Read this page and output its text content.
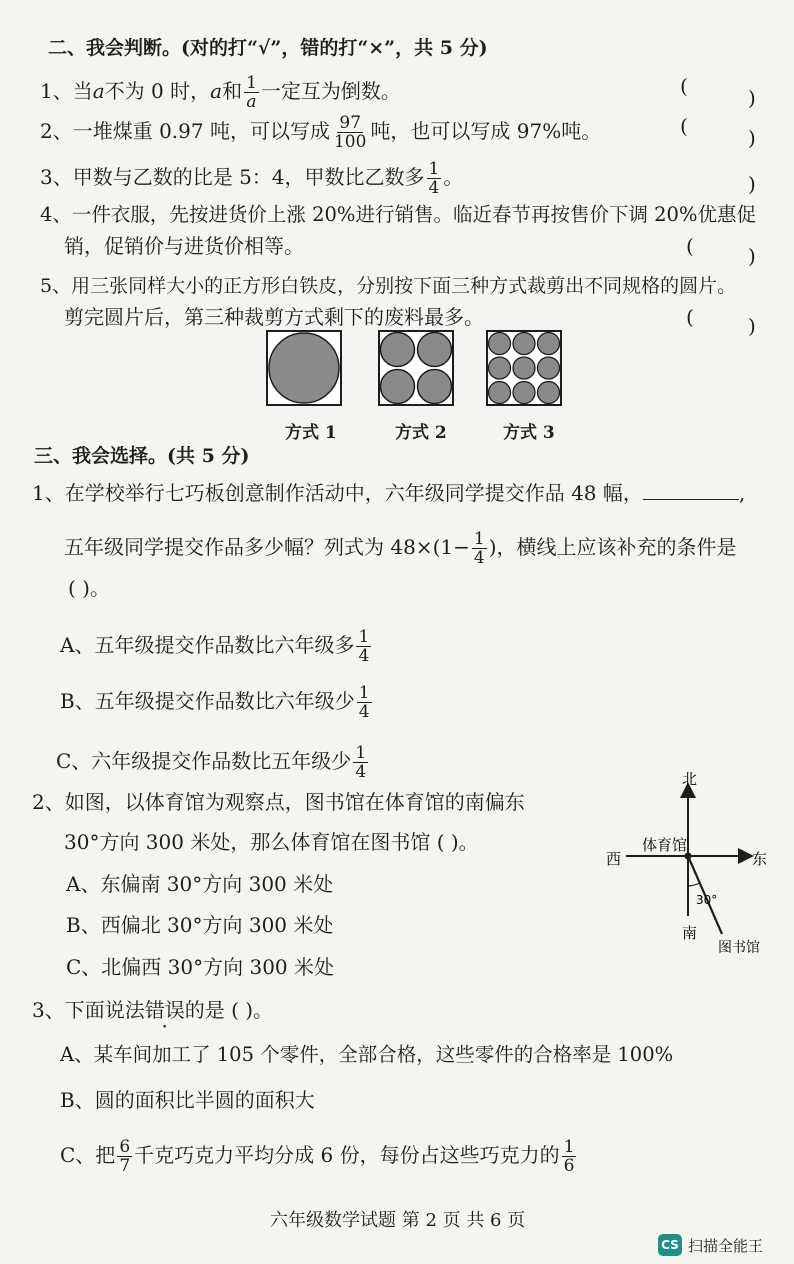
二、我会判断。(对的打“√”，错的打“×”，共 5 分)
1、当a不为 0 时，a和 $\frac{1}{a}$ 一定互为倒数。	(	)
2、一堆煤重 0.97 吨，可以写成 $\frac{97}{100}$ 吨，也可以写成 97%吨。	(	)
3、甲数与乙数的比是 5：4，甲数比乙数多 $\frac{1}{4}$ 。	)
4、一件衣服，先按进货价上涨 20%进行销售。临近春节再按售价下调 20%优惠促
销，促销价与进货价相等。	(	)
5、用三张同样大小的正方形白铁皮，分别按下面三种方式裁剪出不同规格的圆片。
剪完圆片后，第三种裁剪方式剩下的废料最多。	(	)
方式 1	方式 2	方式 3
三、我会选择。(共 5 分)
1、在学校举行七巧板创意制作活动中，六年级同学提交作品 48 幅，	,
五年级同学提交作品多少幅？列式为 $48\times(1- \frac{1}{4}$ )，横线上应该补充的条件是
( )。
A、五年级提交作品数比六年级多 $\frac{1}{4}$
B、五年级提交作品数比六年级少 $\frac{1}{4}$
C、六年级提交作品数比五年级少 $\frac{1}{4}$
2、如图，以体育馆为观察点，图书馆在体育馆的南偏东
30°方向 300 米处，那么体育馆在图书馆 ( )。
A、东偏南 30°方向 300 米处
B、西偏北 30°方向 300 米处
C、北偏西 30°方向 300 米处
北
南
西	东
体育馆
30°
图书馆
3、下面说法错误的是 ( )。
A、某车间加工了 105 个零件，全部合格，这些零件的合格率是 100%
B、圆的面积比半圆的面积大
C、把 $\frac{6}{7}$ 千克巧克力平均分成 6 份，每份占这些巧克力的 $\frac{1}{6}$
六年级数学试题 第 2 页 共 6 页
CS 扫描全能王
